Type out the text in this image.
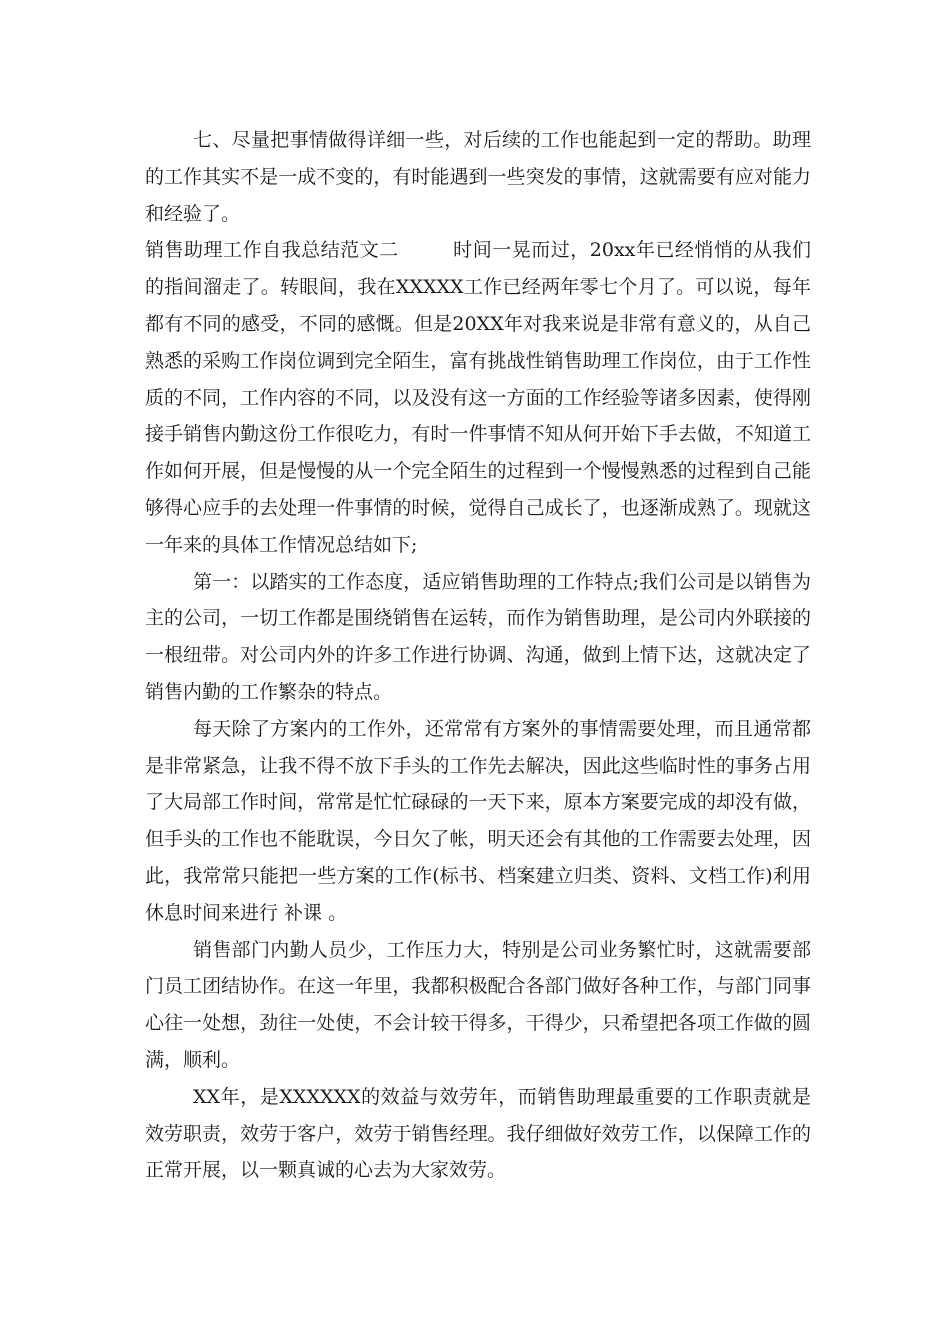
七、尽量把事情做得详细一些，对后续的工作也能起到一定的帮助。助理的工作其实不是一成不变的，有时能遇到一些突发的事情，这就需要有应对能力和经验了。

销售助理工作自我总结范文二	时间一晃而过，20xx年已经悄悄的从我们的指间溜走了。转眼间，我在XXXXX工作已经两年零七个月了。可以说，每年都有不同的感受，不同的感慨。但是20XX年对我来说是非常有意义的，从自己熟悉的采购工作岗位调到完全陌生，富有挑战性销售助理工作岗位，由于工作性质的不同，工作内容的不同，以及没有这一方面的工作经验等诸多因素，使得刚接手销售内勤这份工作很吃力，有时一件事情不知从何开始下手去做，不知道工作如何开展，但是慢慢的从一个完全陌生的过程到一个慢慢熟悉的过程到自己能够得心应手的去处理一件事情的时候，觉得自己成长了，也逐渐成熟了。现就这一年来的具体工作情况总结如下;

第一：以踏实的工作态度，适应销售助理的工作特点;我们公司是以销售为主的公司，一切工作都是围绕销售在运转，而作为销售助理，是公司内外联接的一根纽带。对公司内外的许多工作进行协调、沟通，做到上情下达，这就决定了销售内勤的工作繁杂的特点。

每天除了方案内的工作外，还常常有方案外的事情需要处理，而且通常都是非常紧急，让我不得不放下手头的工作先去解决，因此这些临时性的事务占用了大局部工作时间，常常是忙忙碌碌的一天下来，原本方案要完成的却没有做，但手头的工作也不能耽误，今日欠了帐，明天还会有其他的工作需要去处理，因此，我常常只能把一些方案的工作(标书、档案建立归类、资料、文档工作)利用休息时间来进行 补课 。

销售部门内勤人员少，工作压力大，特别是公司业务繁忙时，这就需要部门员工团结协作。在这一年里，我都积极配合各部门做好各种工作，与部门同事心往一处想，劲往一处使，不会计较干得多，干得少，只希望把各项工作做的圆满，顺利。

XX年，是XXXXXX的效益与效劳年，而销售助理最重要的工作职责就是效劳职责，效劳于客户，效劳于销售经理。我仔细做好效劳工作，以保障工作的正常开展，以一颗真诚的心去为大家效劳。
